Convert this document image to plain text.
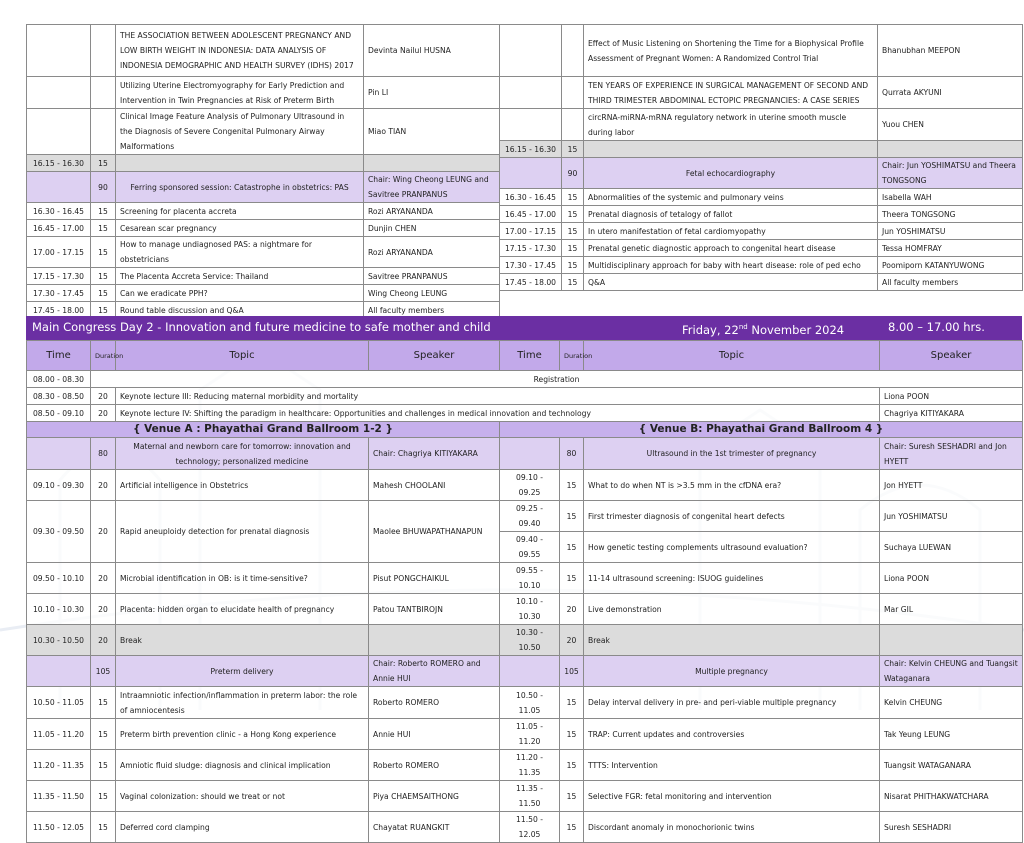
		THE ASSOCIATION BETWEEN ADOLESCENT PREGNANCY AND LOW BIRTH WEIGHT IN INDONESIA: DATA ANALYSIS OF INDONESIA DEMOGRAPHIC AND HEALTH SURVEY (IDHS) 2017	Devinta Nailul HUSNA
		Utilizing Uterine Electromyography for Early Prediction and Intervention in Twin Pregnancies at Risk of Preterm Birth	Pin LI
		Clinical Image Feature Analysis of Pulmonary Ultrasound in the Diagnosis of Severe Congenital Pulmonary Airway Malformations	Miao TIAN
16.15 - 16.30	15		
	90	Ferring sponsored session: Catastrophe in obstetrics: PAS	Chair: Wing Cheong LEUNG and Savitree PRANPANUS
16.30 - 16.45	15	Screening for placenta accreta	Rozi ARYANANDA
16.45 - 17.00	15	Cesarean scar pregnancy	Dunjin CHEN
17.00 - 17.15	15	How to manage undiagnosed PAS: a nightmare for obstetricians	Rozi ARYANANDA
17.15 - 17.30	15	The Placenta Accreta Service: Thailand	Savitree PRANPANUS
17.30 - 17.45	15	Can we eradicate PPH?	Wing Cheong LEUNG
17.45 - 18.00	15	Round table discussion and Q&A	All faculty members
		Effect of Music Listening on Shortening the Time for a Biophysical Profile Assessment of Pregnant Women: A Randomized Control Trial	Bhanubhan MEEPON
		TEN YEARS OF EXPERIENCE IN SURGICAL MANAGEMENT OF SECOND AND THIRD TRIMESTER ABDOMINAL ECTOPIC PREGNANCIES: A CASE SERIES	Qurrata AKYUNI
		circRNA-miRNA-mRNA regulatory network in uterine smooth muscle during labor	Yuou CHEN
16.15 - 16.30	15		
	90	Fetal echocardiography	Chair: Jun YOSHIMATSU and Theera TONGSONG
16.30 - 16.45	15	Abnormalities of the systemic and pulmonary veins	Isabella WAH
16.45 - 17.00	15	Prenatal diagnosis of tetalogy of fallot	Theera TONGSONG
17.00 - 17.15	15	In utero manifestation of fetal cardiomyopathy	Jun YOSHIMATSU
17.15 - 17.30	15	Prenatal genetic diagnostic approach to congenital heart disease	Tessa HOMFRAY
17.30 - 17.45	15	Multidisciplinary approach for baby with heart disease: role of ped echo	Poomiporn KATANYUWONG
17.45 - 18.00	15	Q&A	All faculty members
Main Congress Day 2 - Innovation and future medicine to safe mother and child	Friday, 22nd November 2024	8.00 – 17.00 hrs.
Time	Duration	Topic	Speaker	Time	Duration	Topic	Speaker
08.00 - 08.30	Registration						
08.30 - 08.50	20	Keynote lecture III: Reducing maternal morbidity and mortality					Liona POON
08.50 - 09.10	20	Keynote lecture IV: Shifting the paradigm in healthcare: Opportunities and challenges in medical innovation and technology					Chagriya KITIYAKARA
{ Venue A : Phayathai Grand Ballroom 1-2 }				{ Venue B: Phayathai Grand Ballroom 4 }			
	80	Maternal and newborn care for tomorrow: innovation and technology; personalized medicine	Chair: Chagriya KITIYAKARA		80	Ultrasound in the 1st trimester of pregnancy	Chair: Suresh SESHADRI and Jon HYETT
09.10 - 09.30	20	Artificial intelligence in Obstetrics	Mahesh CHOOLANI	09.10 - 09.25	15	What to do when NT is >3.5 mm in the cfDNA era?	Jon HYETT
09.30 - 09.50	20	Rapid aneuploidy detection for prenatal diagnosis	Maolee BHUWAPATHANAPUN	09.25 - 09.40	15	First trimester diagnosis of congenital heart defects	Jun YOSHIMATSU
				09.40 - 09.55	15	How genetic testing complements ultrasound evaluation?	Suchaya LUEWAN
09.50 - 10.10	20	Microbial identification in OB: is it time-sensitive?	Pisut PONGCHAIKUL	09.55 - 10.10	15	11-14 ultrasound screening: ISUOG guidelines	Liona POON
10.10 - 10.30	20	Placenta: hidden organ to elucidate health of pregnancy	Patou TANTBIROJN	10.10 - 10.30	20	Live demonstration	Mar GIL
10.30 - 10.50	20	Break		10.30 - 10.50	20	Break	
	105	Preterm delivery	Chair: Roberto ROMERO and Annie HUI		105	Multiple pregnancy	Chair: Kelvin CHEUNG and Tuangsit Wataganara
10.50 - 11.05	15	Intraamniotic infection/inflammation in preterm labor: the role of amniocentesis	Roberto ROMERO	10.50 - 11.05	15	Delay interval delivery in pre- and peri-viable multiple pregnancy	Kelvin CHEUNG
11.05 - 11.20	15	Preterm birth prevention clinic - a Hong Kong experience	Annie HUI	11.05 - 11.20	15	TRAP: Current updates and controversies	Tak Yeung LEUNG
11.20 - 11.35	15	Amniotic fluid sludge: diagnosis and clinical implication	Roberto ROMERO	11.20 - 11.35	15	TTTS: Intervention	Tuangsit WATAGANARA
11.35 - 11.50	15	Vaginal colonization: should we treat or not	Piya CHAEMSAITHONG	11.35 - 11.50	15	Selective FGR: fetal monitoring and intervention	Nisarat PHITHAKWATCHARA
11.50 - 12.05	15	Deferred cord clamping	Chayatat RUANGKIT	11.50 - 12.05	15	Discordant anomaly in monochorionic twins	Suresh SESHADRI
